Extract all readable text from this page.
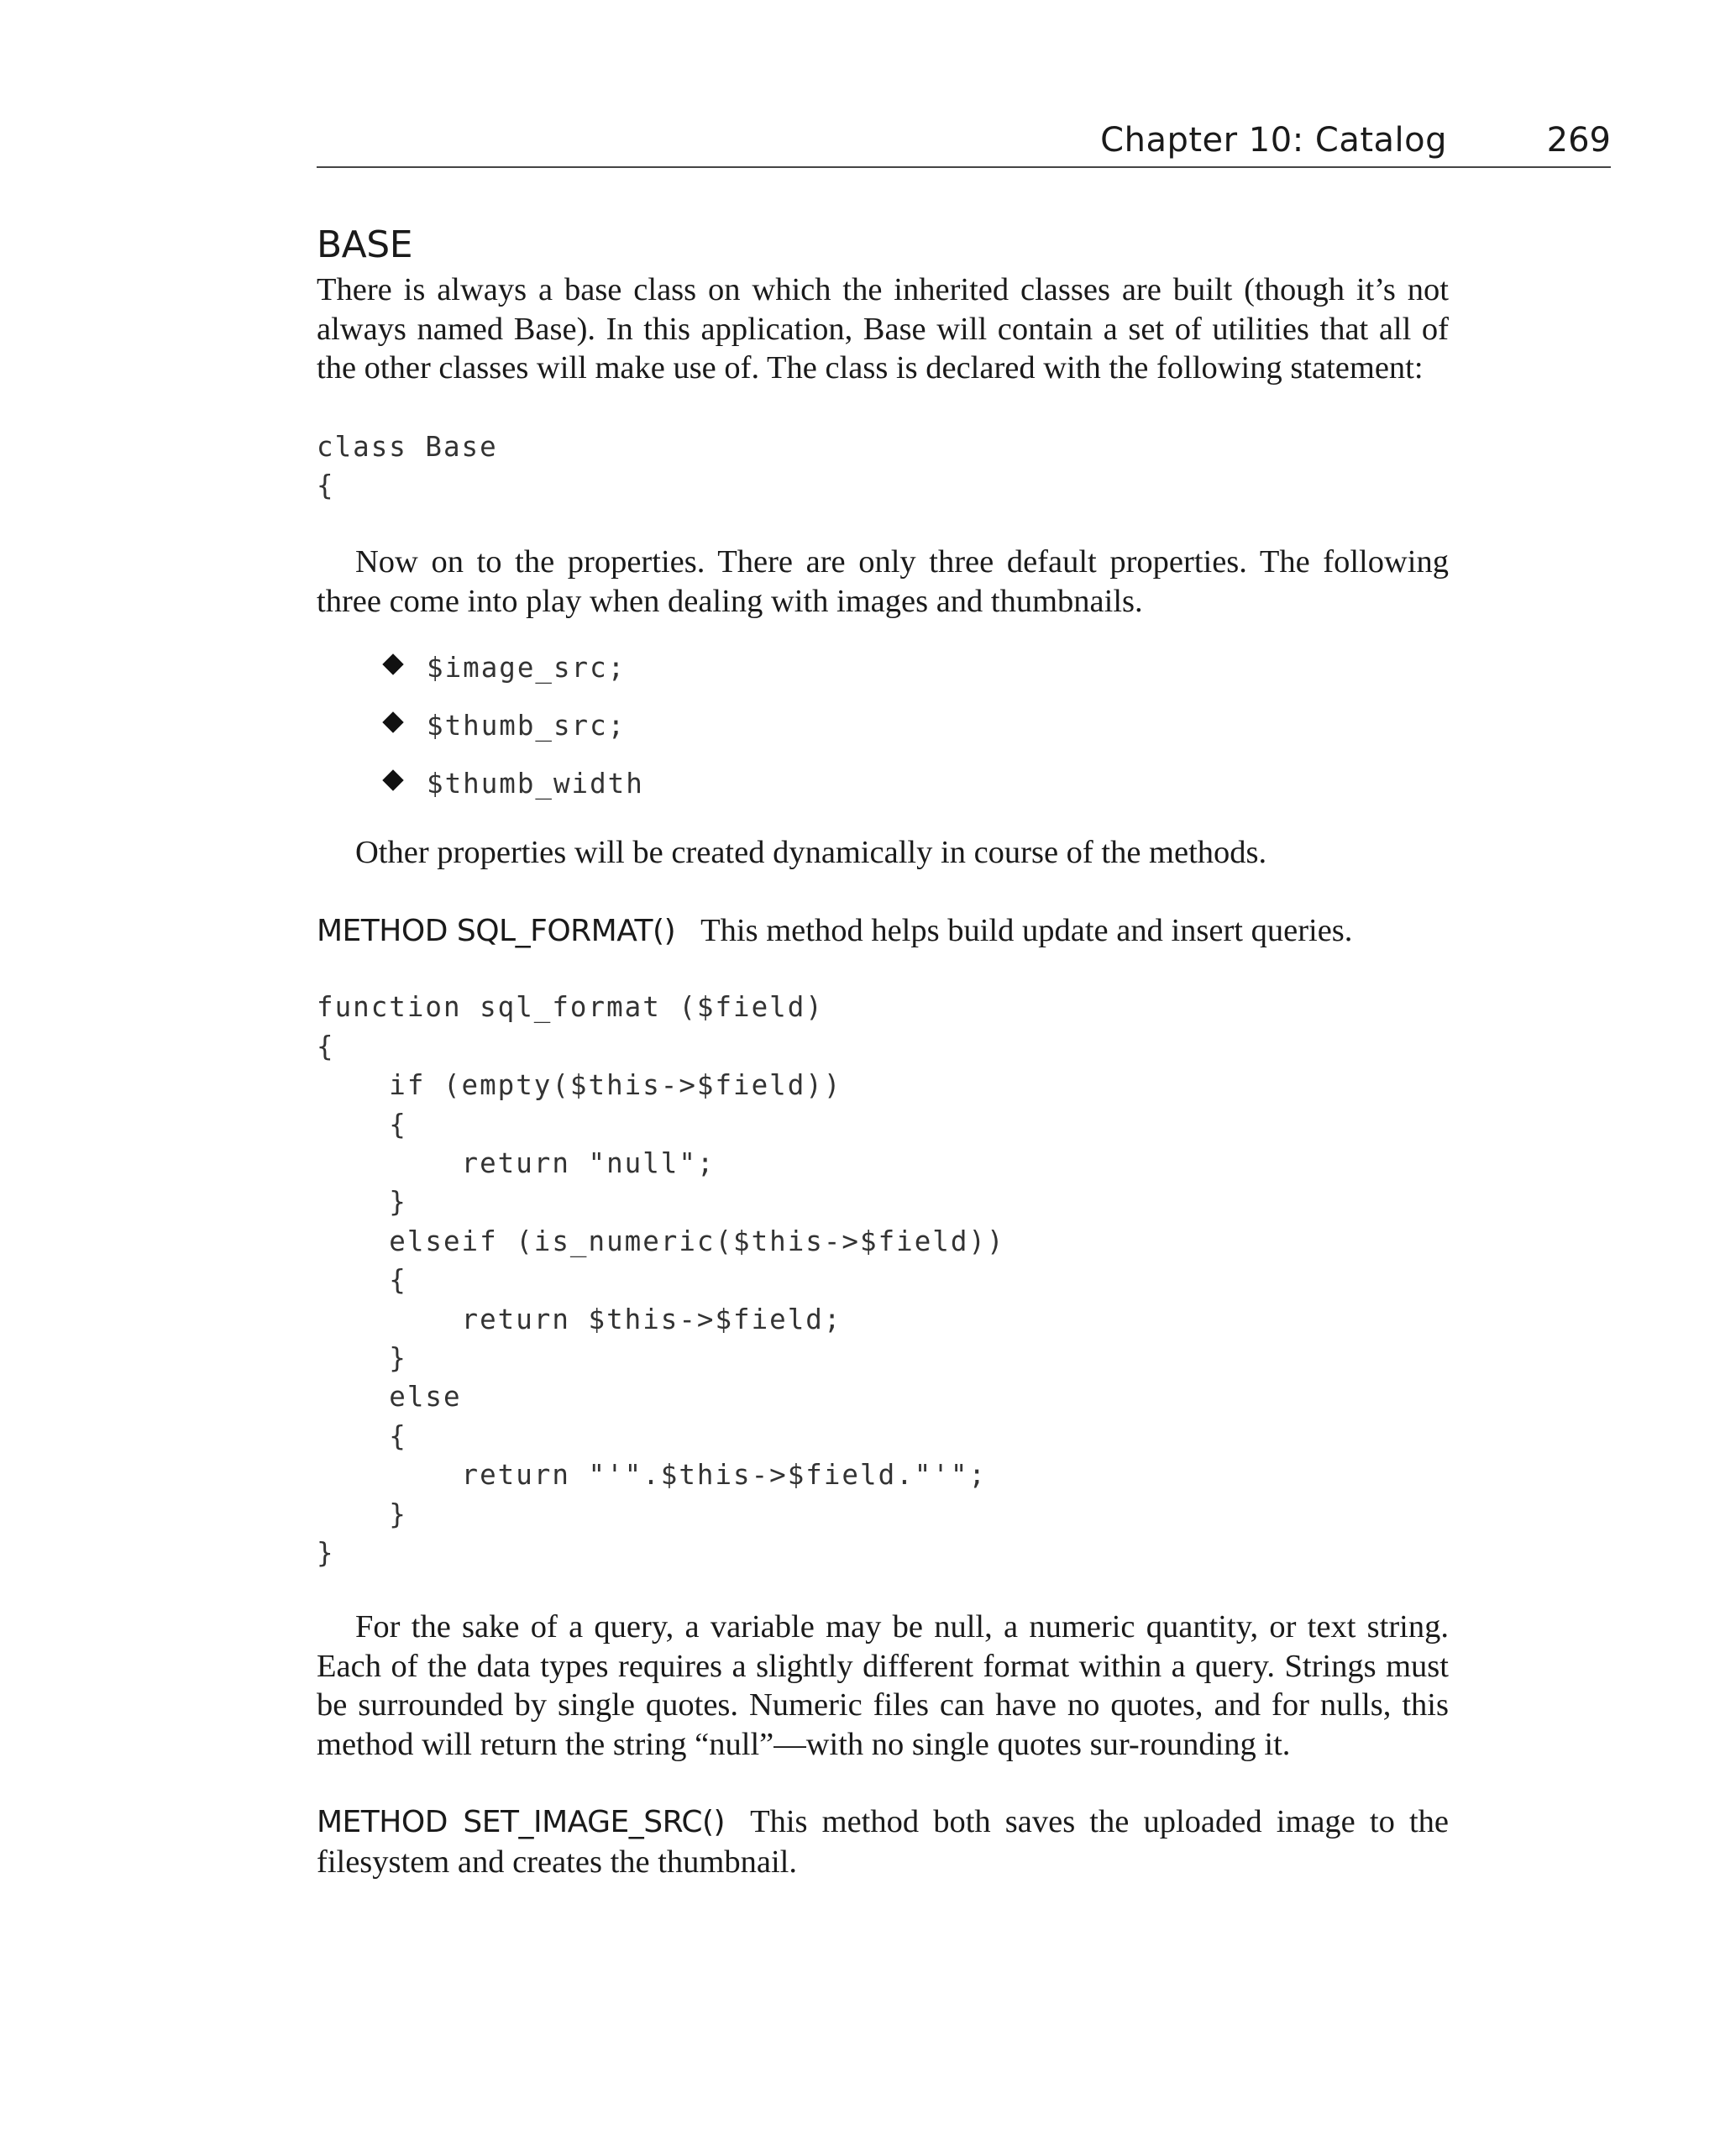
Chapter 10: Catalog	269
BASE

There is always a base class on which the inherited classes are built (though it’s not always named Base). In this application, Base will contain a set of utilities that all of the other classes will make use of. The class is declared with the following statement:

class Base
{

Now on to the properties. There are only three default properties. The following three come into play when dealing with images and thumbnails.

$image_src;
$thumb_src;
$thumb_width

Other properties will be created dynamically in course of the methods.

METHOD SQL_FORMAT() This method helps build update and insert queries.

function sql_format ($field)
{
if (empty($this->$field))
{
return "null";
}
elseif (is_numeric($this->$field))
{
return $this->$field;
}
else
{
return "'".$this->$field."'";
}
}

For the sake of a query, a variable may be null, a numeric quantity, or text string. Each of the data types requires a slightly different format within a query. Strings must be surrounded by single quotes. Numeric files can have no quotes, and for nulls, this method will return the string “null”—with no single quotes sur-rounding it.

METHOD SET_IMAGE_SRC() This method both saves the uploaded image to the filesystem and creates the thumbnail.
